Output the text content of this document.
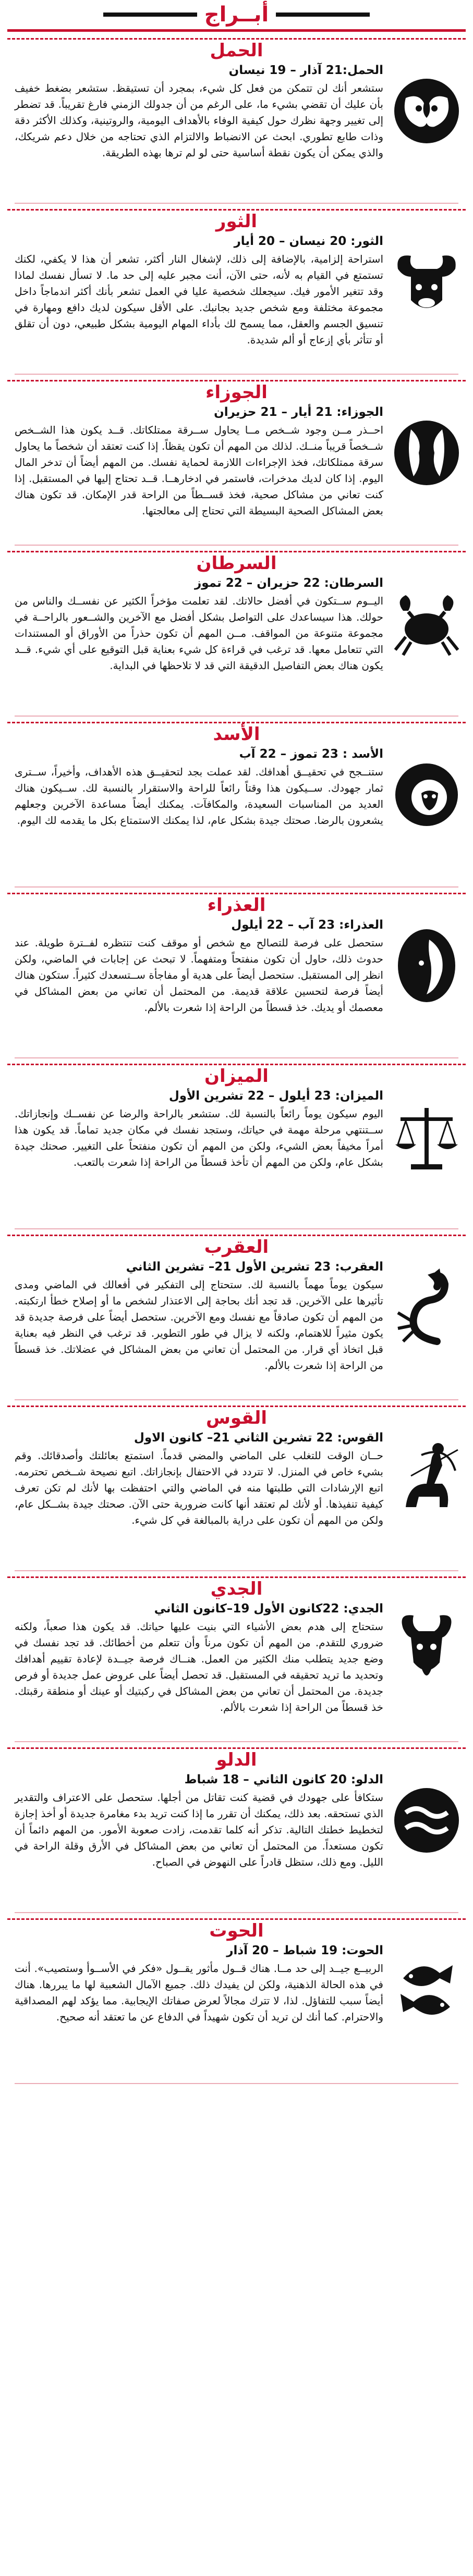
أبــراج
الحمل
الحمل:21 آذار – 19 نيسان
ستشعر أنك لن تتمكن من فعل كل شيء، بمجرد أن تستيقظ. ستشعر بضغط خفيف بأن عليك أن تقضي بشيء ما، على الرغم من أن جدولك الزمني فارغ تقريباً. قد تضطر إلى تغيير وجهة نظرك حول كيفية الوفاء بالأهداف اليومية، والروتينية، وكذلك الأكثر دقة وذات طابع تطوري. ابحث عن الانضباط والالتزام الذي تحتاجه من خلال دعم شريكك، والذي يمكن أن يكون نقطة أساسية حتى لو لم ترها بهذه الطريقة.
الثور
الثور: 20 نيسان – 20 أيار
استراحة إلزامية، بالإضافة إلى ذلك، لإشغال النار أكثر، تشعر أن هذا لا يكفي، لكنك تستمتع في القيام به لأنه، حتى الآن، أنت مجبر عليه إلى حد ما. لا تسأل نفسك لماذا وقد تتغير الأمور فيك. سيجعلك شخصية عليا في العمل تشعر بأنك أكثر اندماجاً داخل مجموعة مختلفة ومع شخص جديد بجانبك. على الأقل سيكون لديك دافع ومهارة في تنسيق الجسم والعقل، مما يسمح لك بأداء المهام اليومية بشكل طبيعي، دون أن تقلق أو تتأثر بأي إزعاج أو ألم شديدة.
الجوزاء
الجوزاء: 21 أيار – 21 حزيران
احــذر مــن وجود شــخص مــا يحاول ســرقة ممتلكاتك. قــد يكون هذا الشــخص شــخصاً قريباً منــك. لذلك من المهم أن تكون يقظاً. إذا كنت تعتقد أن شخصاً ما يحاول سرقة ممتلكاتك، فخذ الإجراءات اللازمة لحماية نفسك. من المهم أيضاً أن تدخر المال اليوم. إذا كان لديك مدخرات، فاستمر في ادخارهــا. قــد تحتاج إليها في المستقبل. إذا كنت تعاني من مشاكل صحية، فخذ قســطاً من الراحة قدر الإمكان. قد تكون هناك بعض المشاكل الصحية البسيطة التي تحتاج إلى معالجتها.
السرطان
السرطان: 22 حزيران – 22 تموز
اليــوم ســتكون في أفضل حالاتك. لقد تعلمت مؤخراً الكثير عن نفســك والناس من حولك. هذا سيساعدك على التواصل بشكل أفضل مع الآخرين والشــعور بالراحــة في مجموعة متنوعة من المواقف. مــن المهم أن تكون حذراً من الأوراق أو المستندات التي تتعامل معها. قد ترغب في قراءة كل شيء بعناية قبل التوقيع على أي شيء. قــد يكون هناك بعض التفاصيل الدقيقة التي قد لا تلاحظها في البداية.
الأسد
الأسد : 23 تموز – 22 آب
ستنــجح في تحقيــق أهدافك. لقد عملت بجد لتحقيــق هذه الأهداف، وأخيراً، ســترى ثمار جهودك. ســيكون هذا وقتاً رائعاً للراحة والاستقرار بالنسبة لك. ســيكون هناك العديد من المناسبات السعيدة، والمكافآت. يمكنك أيضاً مساعدة الآخرين وجعلهم يشعرون بالرضا. صحتك جيدة بشكل عام، لذا يمكنك الاستمتاع بكل ما يقدمه لك اليوم.
العذراء
العذراء: 23 آب – 22 أيلول
ستحصل على فرصة للتصالح مع شخص أو موقف كنت تنتظره لفــترة طويلة. عند حدوث ذلك، حاول أن تكون منفتحاً ومتفهماً. لا تبحث عن إجابات في الماضي، ولكن انظر إلى المستقبل. ستحصل أيضاً على هدية أو مفاجأة ســتسعدك كثيراً. ستكون هناك أيضاً فرصة لتحسين علاقة قديمة. من المحتمل أن تعاني من بعض المشاكل في معصمك أو يديك. خذ قسطاً من الراحة إذا شعرت بالألم.
الميزان
الميزان: 23 أيلول – 22 تشرين الأول
اليوم سيكون يوماً رائعاً بالنسبة لك. ستشعر بالراحة والرضا عن نفســك وإنجازاتك. ســتنتهي مرحلة مهمة في حياتك، وستجد نفسك في مكان جديد تماماً. قد يكون هذا أمراً مخيفاً بعض الشيء، ولكن من المهم أن تكون منفتحاً على التغيير. صحتك جيدة بشكل عام، ولكن من المهم أن تأخذ قسطاً من الراحة إذا شعرت بالتعب.
العقرب
العقرب: 23 تشرين الأول 21– تشرين الثاني
سيكون يوماً مهماً بالنسبة لك. ستحتاج إلى التفكير في أفعالك في الماضي ومدى تأثيرها على الآخرين. قد تجد أنك بحاجة إلى الاعتذار لشخص ما أو إصلاح خطأ ارتكبته. من المهم أن تكون صادقاً مع نفسك ومع الآخرين. ستحصل أيضاً على فرصة جديدة قد يكون مثيراً للاهتمام، ولكنه لا يزال في طور التطوير. قد ترغب في النظر فيه بعناية قبل اتخاذ أي قرار. من المحتمل أن تعاني من بعض المشاكل في عضلاتك. خذ قسطاً من الراحة إذا شعرت بالألم.
القوس
القوس: 22 تشرين الثاني 21– كانون الاول
حــان الوقت للتغلب على الماضي والمضي قدماً. استمتع بعائلتك وأصدقائك. وقم بشيء خاص في المنزل. لا تتردد في الاحتفال بإنجازاتك. اتبع نصيحة شــخص تحترمه. اتبع الإرشادات التي طلبتها منه في الماضي والتي احتفظت بها لأنك لم تكن تعرف كيفية تنفيذها. أو لأنك لم تعتقد أنها كانت ضرورية حتى الآن. صحتك جيدة بشــكل عام، ولكن من المهم أن تكون على دراية بالمبالغة في كل شيء.
الجدي
الجدي: 22كانون الأول 19–كانون الثاني
ستحتاج إلى هدم بعض الأشياء التي بنيت عليها حياتك. قد يكون هذا صعباً، ولكنه ضروري للتقدم. من المهم أن تكون مرناً وأن تتعلم من أخطائك. قد تجد نفسك في وضع جديد يتطلب منك الكثير من العمل. هنــاك فرصة جيــدة لإعادة تقييم أهدافك وتحديد ما تريد تحقيقه في المستقبل. قد تحصل أيضاً على عروض عمل جديدة أو فرص جديدة. من المحتمل أن تعاني من بعض المشاكل في ركبتيك أو عينك أو منطقة رقبتك. خذ قسطاً من الراحة إذا شعرت بالألم.
الدلو
الدلو: 20 كانون الثاني – 18 شباط
ستكافأ على جهودك في قضية كنت تقاتل من أجلها. ستحصل على الاعتراف والتقدير الذي تستحقه. بعد ذلك، يمكنك أن تقرر ما إذا كنت تريد بدء مغامرة جديدة أو أخذ إجازة لتخطيط خطتك التالية. تذكر أنه كلما تقدمت، زادت صعوبة الأمور. من المهم دائماً أن تكون مستعداً. من المحتمل أن تعاني من بعض المشاكل في الأرق وقلة الراحة في الليل. ومع ذلك، ستظل قادراً على النهوض في الصباح.
الحوت
الحوت: 19 شباط – 20 آذار
الربيــع جيــد إلى حد مــا. هناك قــول مأثور يقــول «فكر في الأســوأ وستصيب». أنت في هذه الحالة الذهنية، ولكن لن يفيدك ذلك. جميع الآمال الشعبية لها ما يبررها. هناك أيضاً سبب للتفاؤل. لذا، لا تترك مجالاً لعرض صفاتك الإيجابية. مما يؤكد لهم المصداقية والاحترام. كما أنك لن تريد أن تكون شهيداً في الدفاع عن ما تعتقد أنه صحيح.
